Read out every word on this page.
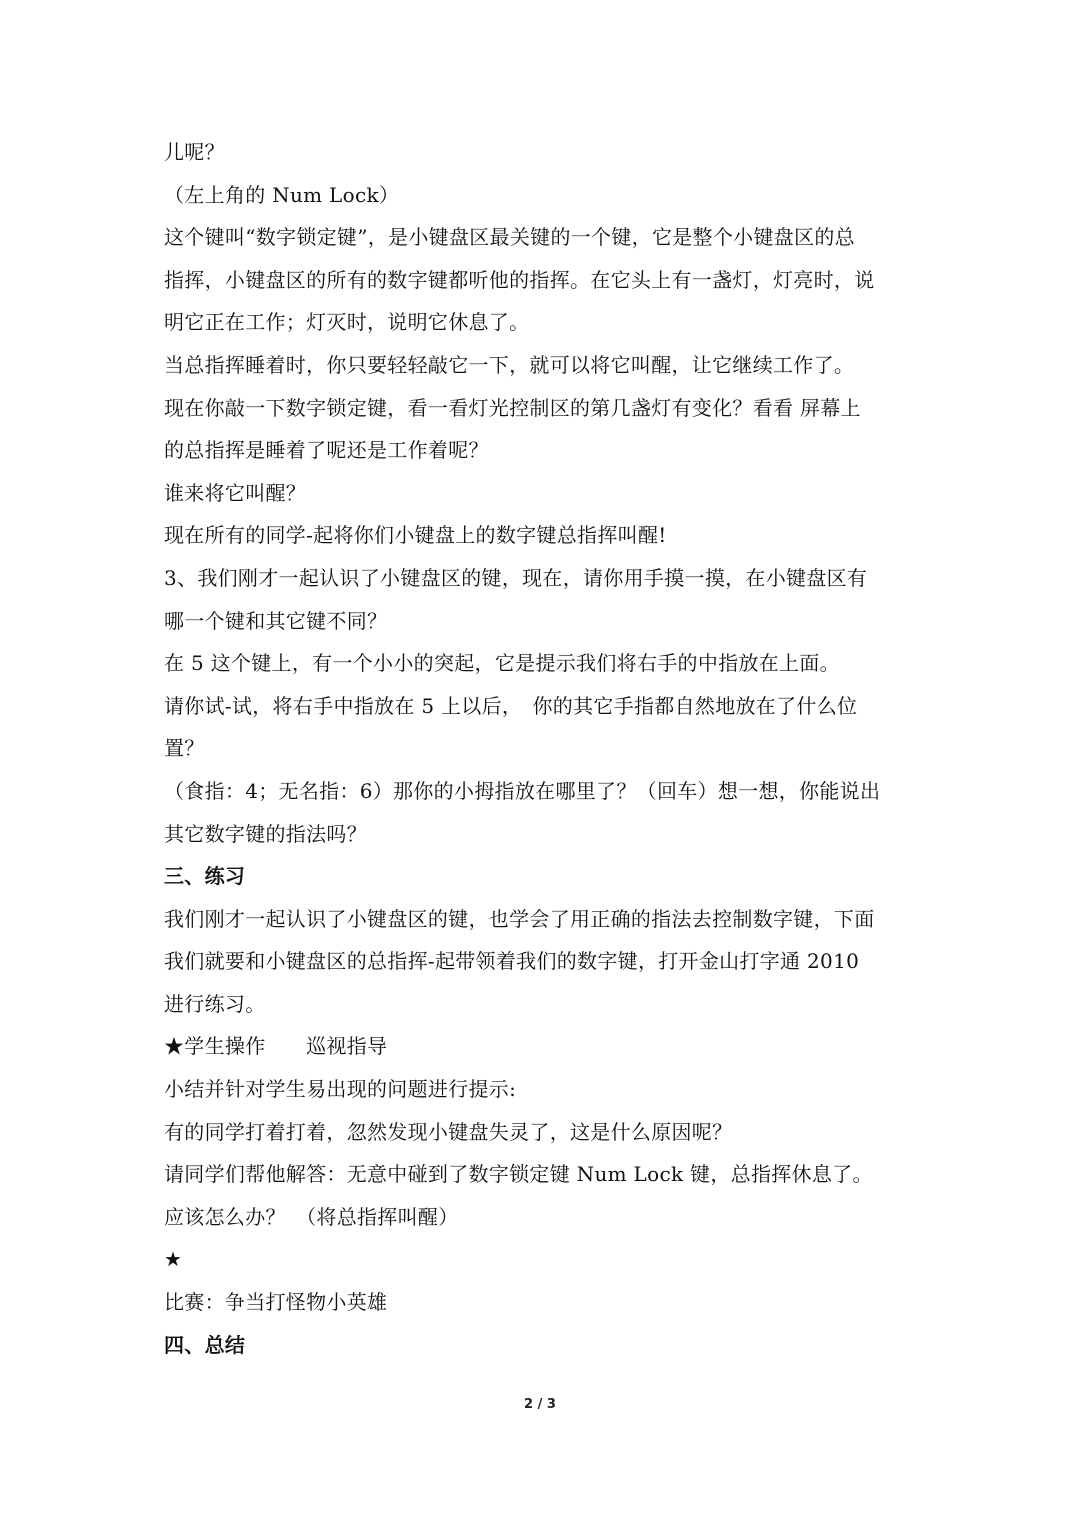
儿呢？
（左上角的 Num Lock）
这个键叫“数字锁定键”，是小键盘区最关键的一个键，它是整个小键盘区的总
指挥，小键盘区的所有的数字键都听他的指挥。在它头上有一盏灯，灯亮时，说
明它正在工作；灯灭时，说明它休息了。
当总指挥睡着时，你只要轻轻敲它一下，就可以将它叫醒，让它继续工作了。
现在你敲一下数字锁定键，看一看灯光控制区的第几盏灯有变化？看看 屏幕上
的总指挥是睡着了呢还是工作着呢？
谁来将它叫醒？
现在所有的同学-起将你们小键盘上的数字键总指挥叫醒!
3、我们刚才一起认识了小键盘区的键，现在，请你用手摸一摸，在小键盘区有
哪一个键和其它键不同？
在 5 这个键上，有一个小小的突起，它是提示我们将右手的中指放在上面。
请你试-试，将右手中指放在 5 上以后，　你的其它手指都自然地放在了什么位
置？
（食指：4；无名指：6）那你的小拇指放在哪里了？（回车）想一想，你能说出
其它数字键的指法吗？
三、练习
我们刚才一起认识了小键盘区的键，也学会了用正确的指法去控制数字键，下面
我们就要和小键盘区的总指挥-起带领着我们的数字键，打开金山打字通 2010
进行练习。
★学生操作　　巡视指导
小结并针对学生易出现的问题进行提示:
有的同学打着打着，忽然发现小键盘失灵了，这是什么原因呢？
请同学们帮他解答：无意中碰到了数字锁定键 Num Lock 键，总指挥休息了。
应该怎么办？　（将总指挥叫醒）
★
比赛：争当打怪物小英雄
四、总结
2 / 3
